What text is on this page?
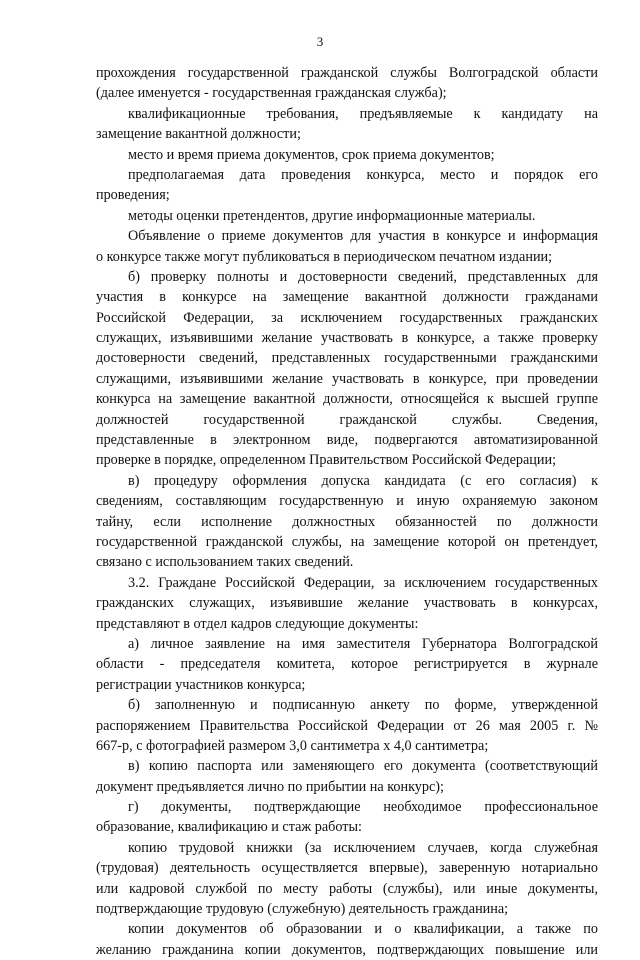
3
прохождения государственной гражданской службы Волгоградской области
(далее именуется - государственная гражданская служба);
квалификационные требования, предъявляемые к кандидату на
замещение вакантной должности;
место и время приема документов, срок приема документов;
предполагаемая дата проведения конкурса, место и порядок его
проведения;
методы оценки претендентов, другие информационные материалы.
Объявление о приеме документов для участия в конкурсе и информация
о конкурсе также могут публиковаться в периодическом печатном издании;
б) проверку полноты и достоверности сведений, представленных для
участия в конкурсе на замещение вакантной должности гражданами
Российской Федерации, за исключением государственных гражданских
служащих, изъявившими желание участвовать в конкурсе, а также проверку
достоверности сведений, представленных государственными гражданскими
служащими, изъявившими желание участвовать в конкурсе, при проведении
конкурса на замещение вакантной должности, относящейся к высшей группе
должностей государственной гражданской службы. Сведения,
представленные в электронном виде, подвергаются автоматизированной
проверке в порядке, определенном Правительством Российской Федерации;
в) процедуру оформления допуска кандидата (с его согласия) к
сведениям, составляющим государственную и иную охраняемую законом
тайну, если исполнение должностных обязанностей по должности
государственной гражданской службы, на замещение которой он претендует,
связано с использованием таких сведений.
3.2. Граждане Российской Федерации, за исключением государственных
гражданских служащих, изъявившие желание участвовать в конкурсах,
представляют в отдел кадров следующие документы:
а) личное заявление на имя заместителя Губернатора Волгоградской
области - председателя комитета, которое регистрируется в журнале
регистрации участников конкурса;
б) заполненную и подписанную анкету по форме, утвержденной
распоряжением Правительства Российской Федерации от 26 мая 2005 г. №
667-р, с фотографией размером 3,0 сантиметра х 4,0 сантиметра;
в) копию паспорта или заменяющего его документа (соответствующий
документ предъявляется лично по прибытии на конкурс);
г) документы, подтверждающие необходимое профессиональное
образование, квалификацию и стаж работы:
копию трудовой книжки (за исключением случаев, когда служебная
(трудовая) деятельность осуществляется впервые), заверенную нотариально
или кадровой службой по месту работы (службы), или иные документы,
подтверждающие трудовую (служебную) деятельность гражданина;
копии документов об образовании и о квалификации, а также по
желанию гражданина копии документов, подтверждающих повышение или
